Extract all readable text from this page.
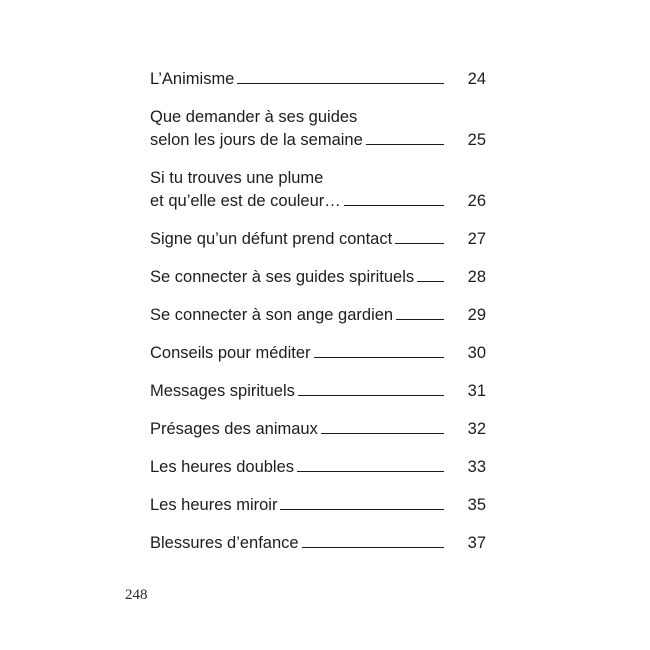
L’Animisme	24
Que demander à ses guides
selon les jours de la semaine	25
Si tu trouves une plume
et qu’elle est de couleur…	26
Signe qu’un défunt prend contact	27
Se connecter à ses guides spirituels	28
Se connecter à son ange gardien	29
Conseils pour méditer	30
Messages spirituels	31
Présages des animaux	32
Les heures doubles	33
Les heures miroir	35
Blessures d’enfance	37
248
